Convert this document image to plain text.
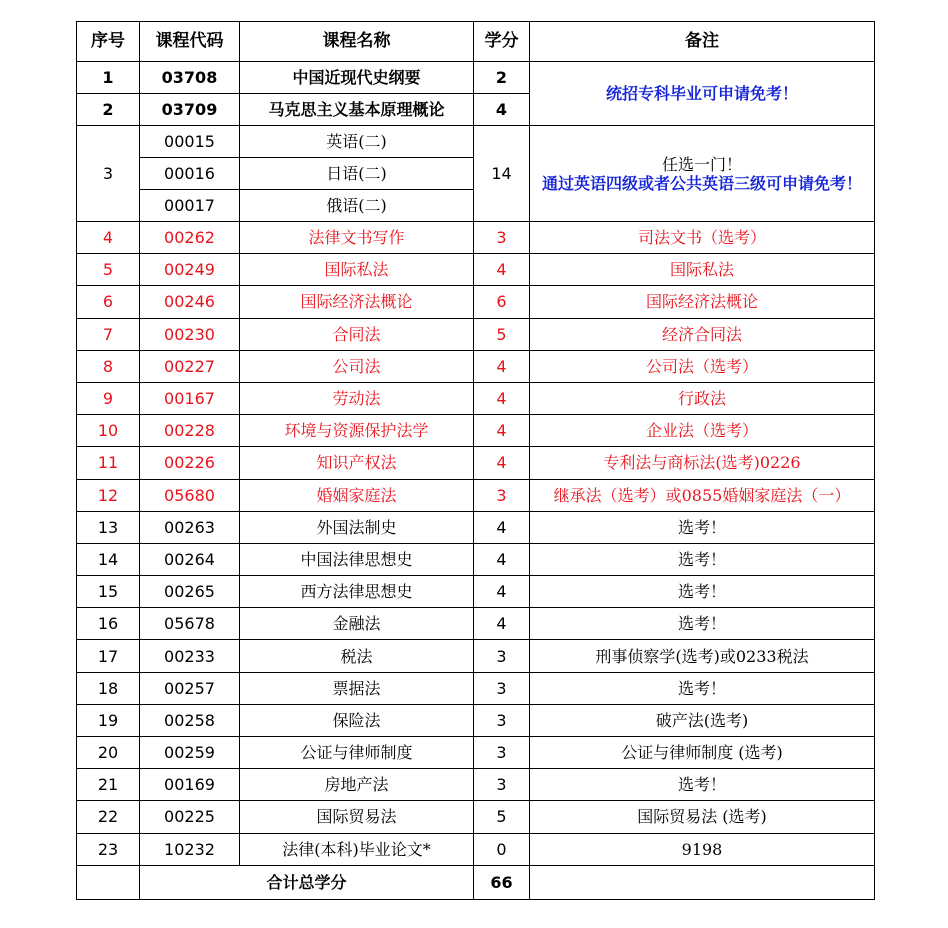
序号	课程代码	课程名称	学分	备注
1	03708	中国近现代史纲要	2	统招专科毕业可申请免考！
2	03709	马克思主义基本原理概论	4	
3	00015	英语(二)	14	任选一门！
通过英语四级或者公共英语三级可申请免考！

	00016	日语(二)		
	00017	俄语(二)		
4	00262	法律文书写作	3	司法文书（选考）
5	00249	国际私法	4	国际私法
6	00246	国际经济法概论	6	国际经济法概论
7	00230	合同法	5	经济合同法
8	00227	公司法	4	公司法（选考）
9	00167	劳动法	4	行政法
10	00228	环境与资源保护法学	4	企业法（选考）
11	00226	知识产权法	4	专利法与商标法(选考)0226
12	05680	婚姻家庭法	3	继承法（选考）或0855婚姻家庭法（一）
13	00263	外国法制史	4	选考！
14	00264	中国法律思想史	4	选考！
15	00265	西方法律思想史	4	选考！
16	05678	金融法	4	选考！
17	00233	税法	3	刑事侦察学(选考)或0233税法
18	00257	票据法	3	选考！
19	00258	保险法	3	破产法(选考)
20	00259	公证与律师制度	3	公证与律师制度 (选考)
21	00169	房地产法	3	选考！
22	00225	国际贸易法	5	国际贸易法 (选考)
23	10232	法律(本科)毕业论文*	0	9198
	合计总学分		66	
